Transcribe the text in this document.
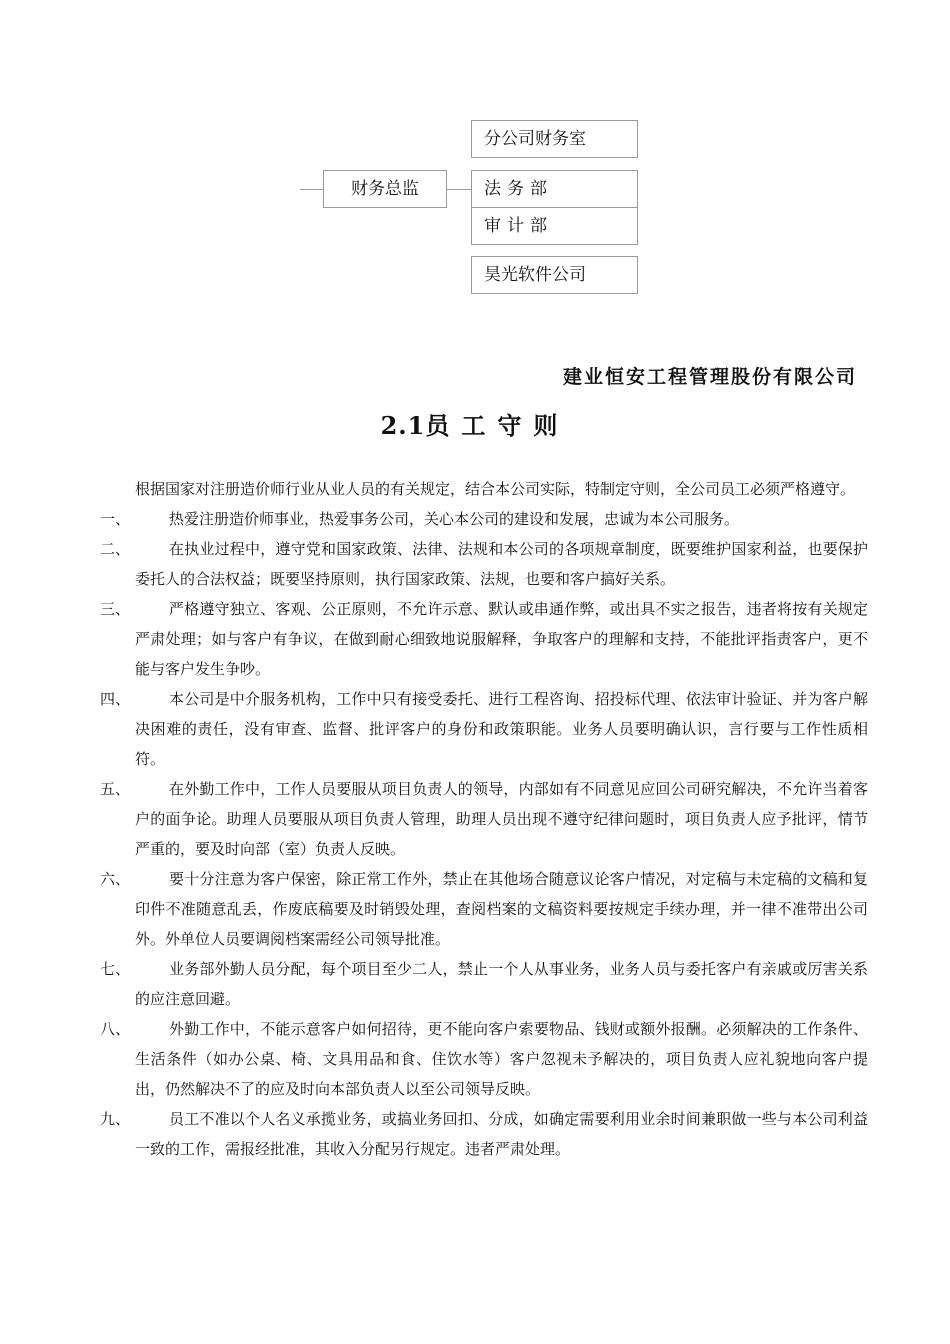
财务总监
分公司财务室
法务部
审计部
昊光软件公司
建业恒安工程管理股份有限公司
2.1员工守则

根据国家对注册造价师行业从业人员的有关规定，结合本公司实际，特制定守则，全公司员工必须严格遵守。

一、	热爱注册造价师事业，热爱事务公司，关心本公司的建设和发展，忠诚为本公司服务。
二、	在执业过程中，遵守党和国家政策、法律、法规和本公司的各项规章制度，既要维护国家利益，也要保护委托人的合法权益；既要坚持原则，执行国家政策、法规，也要和客户搞好关系。
三、	严格遵守独立、客观、公正原则，不允许示意、默认或串通作弊，或出具不实之报告，违者将按有关规定严肃处理；如与客户有争议，在做到耐心细致地说服解释，争取客户的理解和支持，不能批评指责客户，更不能与客户发生争吵。
四、	本公司是中介服务机构，工作中只有接受委托、进行工程咨询、招投标代理、依法审计验证、并为客户解决困难的责任，没有审查、监督、批评客户的身份和政策职能。业务人员要明确认识，言行要与工作性质相符。
五、	在外勤工作中，工作人员要服从项目负责人的领导，内部如有不同意见应回公司研究解决，不允许当着客户的面争论。助理人员要服从项目负责人管理，助理人员出现不遵守纪律问题时，项目负责人应予批评，情节严重的，要及时向部（室）负责人反映。
六、	要十分注意为客户保密，除正常工作外，禁止在其他场合随意议论客户情况，对定稿与未定稿的文稿和复印件不准随意乱丢，作废底稿要及时销毁处理，查阅档案的文稿资料要按规定手续办理，并一律不准带出公司外。外单位人员要调阅档案需经公司领导批准。
七、	业务部外勤人员分配，每个项目至少二人，禁止一个人从事业务，业务人员与委托客户有亲戚或厉害关系的应注意回避。
八、	外勤工作中，不能示意客户如何招待，更不能向客户索要物品、钱财或额外报酬。必须解决的工作条件、生活条件（如办公桌、椅、文具用品和食、住饮水等）客户忽视未予解决的，项目负责人应礼貌地向客户提出，仍然解决不了的应及时向本部负责人以至公司领导反映。
九、	员工不准以个人名义承揽业务，或搞业务回扣、分成，如确定需要利用业余时间兼职做一些与本公司利益一致的工作，需报经批准，其收入分配另行规定。违者严肃处理。
